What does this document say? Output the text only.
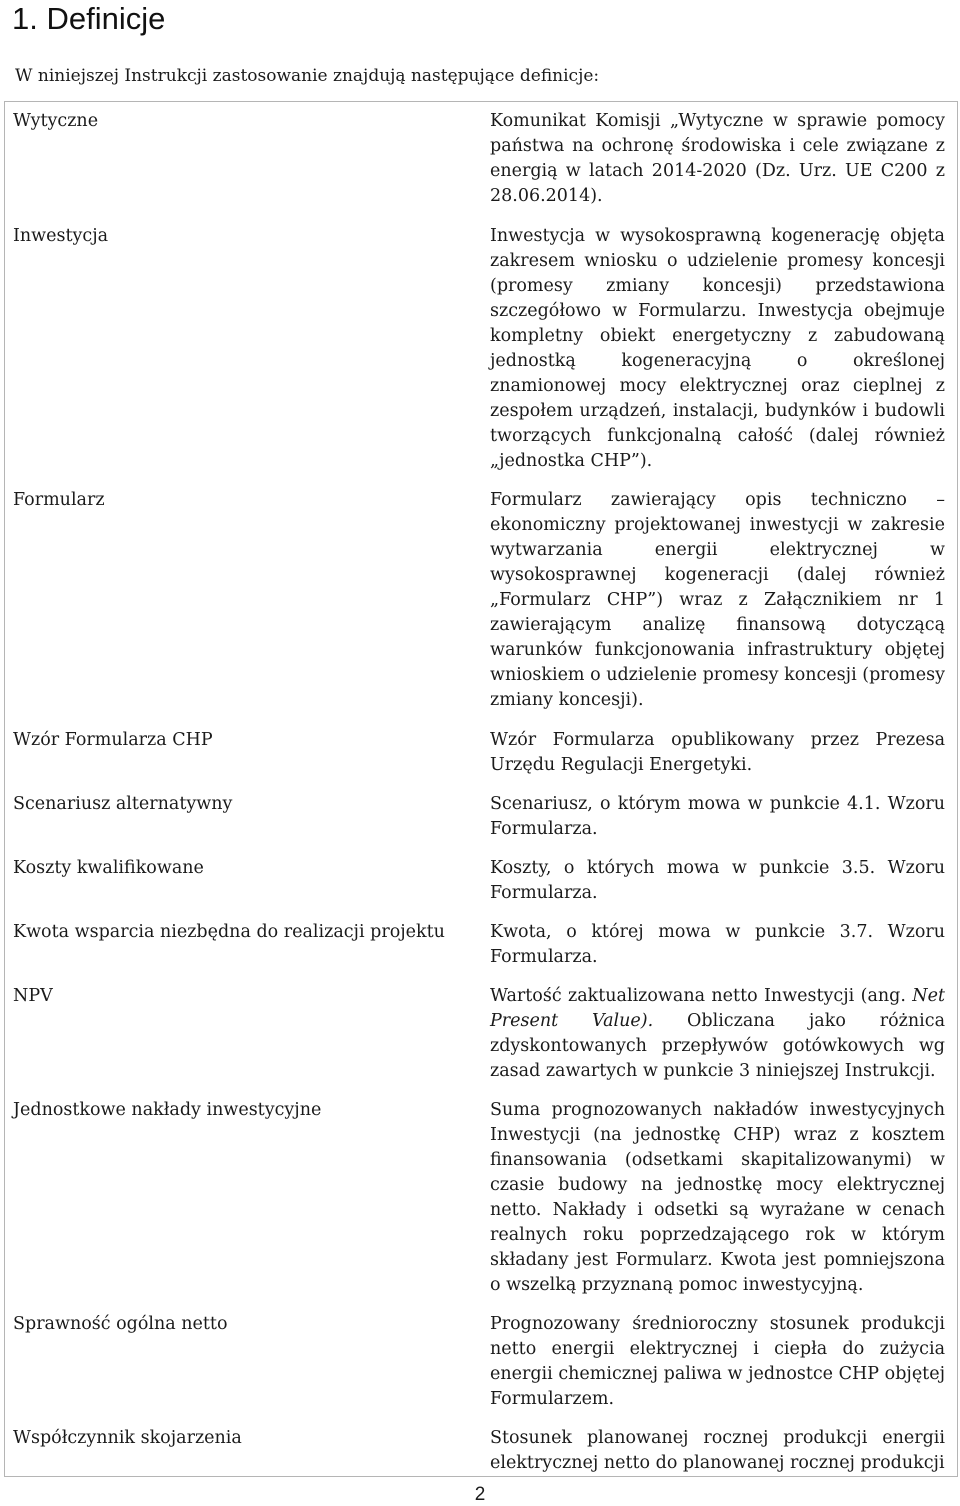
1. Definicje

W niniejszej Instrukcji zastosowanie znajdują następujące definicje:

Wytyczne	Komunikat Komisji „Wytyczne w sprawie pomocy państwa na ochronę środowiska i cele związane z energią w latach 2014-2020 (Dz. Urz. UE C200 z 28.06.2014).
Inwestycja	Inwestycja w wysokosprawną kogenerację objęta zakresem wniosku o udzielenie promesy koncesji (promesy zmiany koncesji) przedstawiona szczegółowo w Formularzu. Inwestycja obejmuje kompletny obiekt energetyczny z zabudowaną jednostką kogeneracyjną o określonej znamionowej mocy elektrycznej oraz cieplnej z zespołem urządzeń, instalacji, budynków i budowli tworzących funkcjonalną całość (dalej również „jednostka CHP”).
Formularz	Formularz zawierający opis techniczno – ekonomiczny projektowanej inwestycji w zakresie wytwarzania energii elektrycznej w wysokosprawnej kogeneracji (dalej również „Formularz CHP”) wraz z Załącznikiem nr 1 zawierającym analizę finansową dotyczącą warunków funkcjonowania infrastruktury objętej wnioskiem o udzielenie promesy koncesji (promesy zmiany koncesji).
Wzór Formularza CHP	Wzór Formularza opublikowany przez Prezesa Urzędu Regulacji Energetyki.
Scenariusz alternatywny	Scenariusz, o którym mowa w punkcie 4.1. Wzoru Formularza.
Koszty kwalifikowane	Koszty, o których mowa w punkcie 3.5. Wzoru Formularza.
Kwota wsparcia niezbędna do realizacji projektu	Kwota, o której mowa w punkcie 3.7. Wzoru Formularza.
NPV	Wartość zaktualizowana netto Inwestycji (ang. Net Present Value). Obliczana jako różnica zdyskontowanych przepływów gotówkowych wg zasad zawartych w punkcie 3 niniejszej Instrukcji.
Jednostkowe nakłady inwestycyjne	Suma prognozowanych nakładów inwestycyjnych Inwestycji (na jednostkę CHP) wraz z kosztem finansowania (odsetkami skapitalizowanymi) w czasie budowy na jednostkę mocy elektrycznej netto. Nakłady i odsetki są wyrażane w cenach realnych roku poprzedzającego rok w którym składany jest Formularz. Kwota jest pomniejszona o wszelką przyznaną pomoc inwestycyjną.
Sprawność ogólna netto	Prognozowany średnioroczny stosunek produkcji netto energii elektrycznej i ciepła do zużycia energii chemicznej paliwa w jednostce CHP objętej Formularzem.
Współczynnik skojarzenia	Stosunek planowanej rocznej produkcji energii elektrycznej netto do planowanej rocznej produkcji
2
